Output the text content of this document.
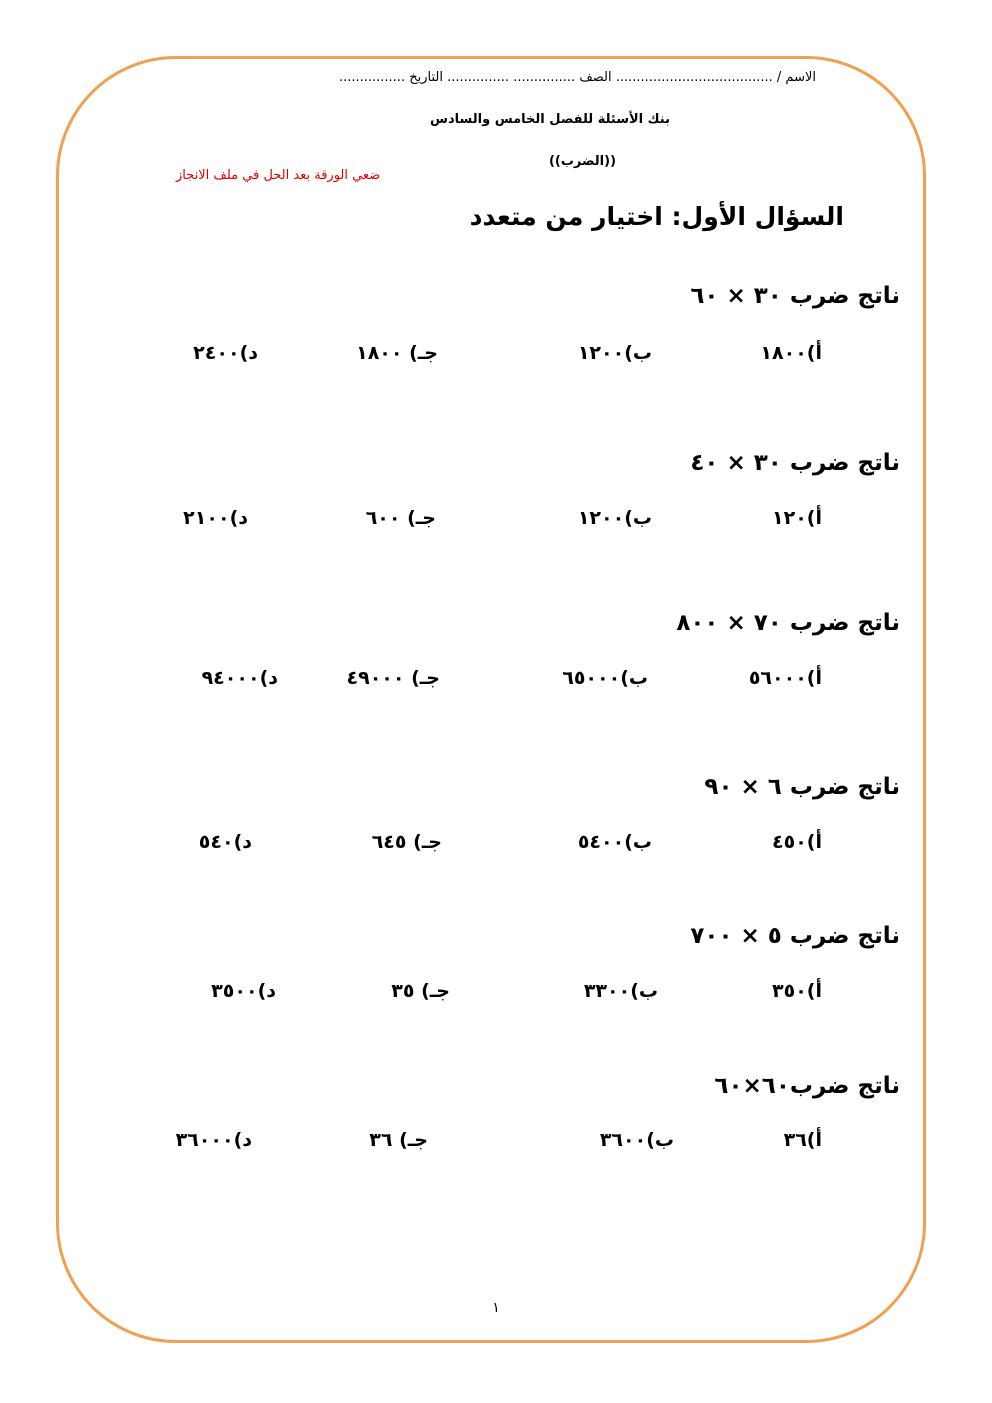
الاسم / ...................................... الصف ............... ............... التاريخ ................
بنك الأسئلة للفصل الخامس والسادس
((الضرب))
ضعي الورقة بعد الحل في ملف الانجاز
السؤال الأول: اختيار من متعدد
ناتج ضرب ٣٠ × ٦٠
أ)١٨٠٠
ب)١٢٠٠
جـ) ١٨٠٠
د)٢٤٠٠
ناتج ضرب ٣٠ × ٤٠
أ)١٢٠
ب)١٢٠٠
جـ) ٦٠٠
د)٢١٠٠
ناتج ضرب ٧٠ × ٨٠٠
أ)٥٦٠٠٠
ب)٦٥٠٠٠
جـ) ٤٩٠٠٠
د)٩٤٠٠٠
ناتج ضرب ٦ × ٩٠
أ)٤٥٠
ب)٥٤٠٠
جـ) ٦٤٥
د)٥٤٠
ناتج ضرب ٥ × ٧٠٠
أ)٣٥٠
ب)٣٣٠٠
جـ) ٣٥
د)٣٥٠٠
ناتج ضرب٦٠×٦٠
أ)٣٦
ب)٣٦٠٠
جـ) ٣٦
د)٣٦٠٠٠
١
